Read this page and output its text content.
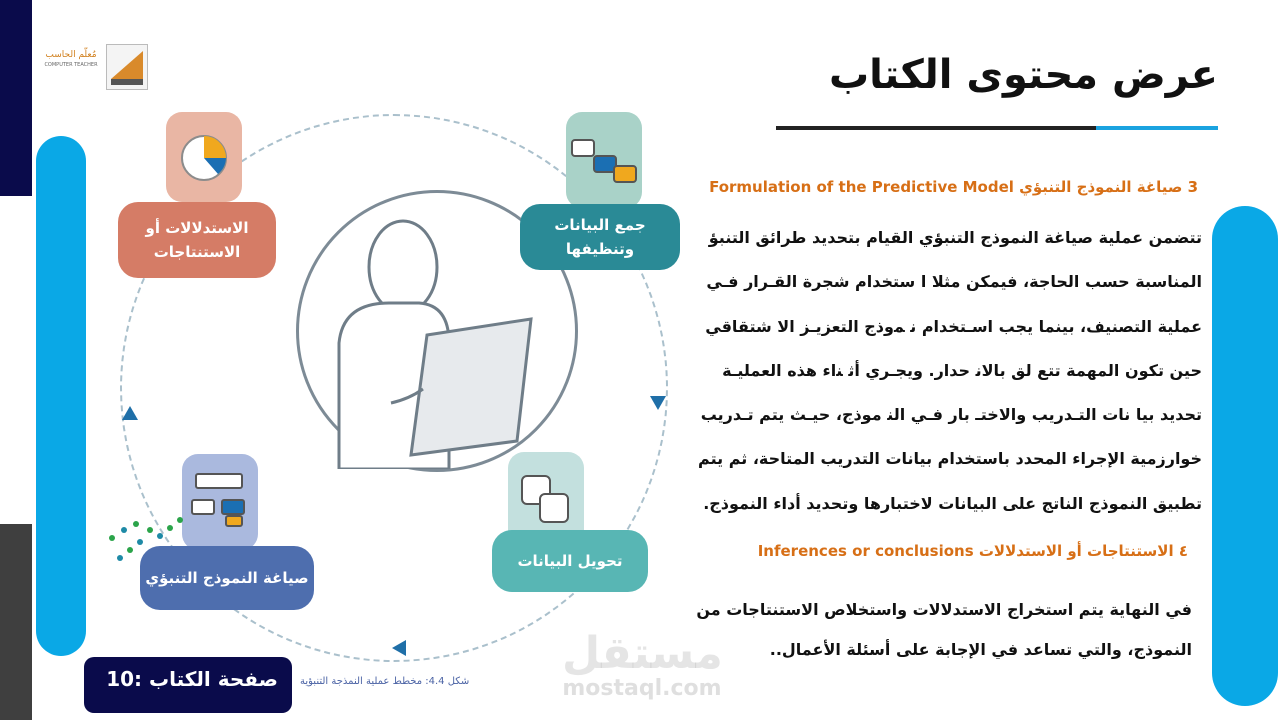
مُعلّم الحاسب
COMPUTER TEACHER	عرض محتوى الكتاب
الاستدلالات أو الاستنتاجات
جمع البيانات وتنظيفها
تحويل البيانات
صياغة النموذج التنبؤي
شكل 4.4: مخطط عملية النمذجة التنبؤية
صفحة الكتاب :10	مستقل
mostaql.com
3 صياغة النموذج التنبؤي Formulation of the Predictive Model

تتضمن عملية صياغة النموذج التنبؤي القيام بتحديد طرائق التنبؤ

المناسبة حسب الحاجة، فيمكن مثلا ا ستخدام شجرة القـرار فـي

عملية التصنيف، بينما يجب اسـتخدام ﻧ ﻤوذج التعزيـز الا شتقاقي

حين تكون المهمة تتع لق بالاﻧ حدار. ويجـري أﺛ ﻨاء هذه العمليـة

تحديد بيا نات التـدريب والاختـ بار فـي اﻟﻨ موذج، حيـث يتم تـدريب

خوارزمية الإجراء المحدد باستخدام بيانات التدريب المتاحة، ثم يتم

تطبيق النموذج الناتج على البيانات لاختبارها وتحديد أداء النموذج.

٤ الاستنتاجات أو الاستدلالات Inferences or conclusions

في النهاية يتم استخراج الاستدلالات واستخلاص الاستنتاجات من

النموذج، والتي تساعد في الإجابة على أسئلة الأعمال..
